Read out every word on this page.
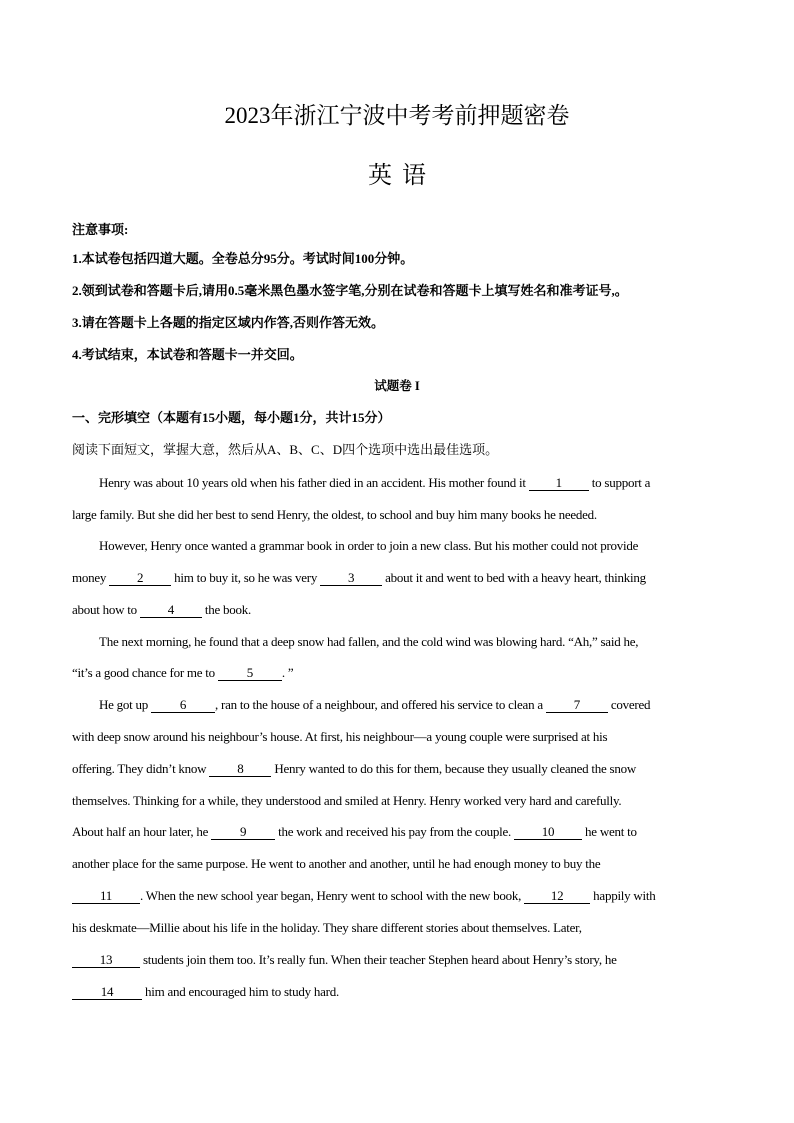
2023年浙江宁波中考考前押题密卷
英语
注意事项:
1.本试卷包括四道大题。全卷总分95分。考试时间100分钟。
2.领到试卷和答题卡后,请用0.5毫米黑色墨水签字笔,分别在试卷和答题卡上填写姓名和准考证号,。
3.请在答题卡上各题的指定区域内作答,否则作答无效。
4.考试结束，本试卷和答题卡一并交回。
试题卷 I
一、完形填空（本题有15小题，每小题1分，共计15分）
阅读下面短文，掌握大意，然后从A、B、C、D四个选项中选出最佳选项。
Henry was about 10 years old when his father died in an accident. His mother found it 1 to support a
large family. But she did her best to send Henry, the oldest, to school and buy him many books he needed.
However, Henry once wanted a grammar book in order to join a new class. But his mother could not provide
money 2 him to buy it, so he was very 3 about it and went to bed with a heavy heart, thinking
about how to 4 the book.
The next morning, he found that a deep snow had fallen, and the cold wind was blowing hard. “Ah,” said he,
“it’s a good chance for me to 5 . ”
He got up 6 , ran to the house of a neighbour, and offered his service to clean a 7 covered
with deep snow around his neighbour’s house. At first, his neighbour—a young couple were surprised at his
offering. They didn’t know 8 Henry wanted to do this for them, because they usually cleaned the snow
themselves. Thinking for a while, they understood and smiled at Henry. Henry worked very hard and carefully.
About half an hour later, he 9 the work and received his pay from the couple. 10 he went to
another place for the same purpose. He went to another and another, until he had enough money to buy the
11 . When the new school year began, Henry went to school with the new book, 12 happily with
his deskmate—Millie about his life in the holiday. They share different stories about themselves. Later,
13 students join them too. It’s really fun. When their teacher Stephen heard about Henry’s story, he
14 him and encouraged him to study hard.
